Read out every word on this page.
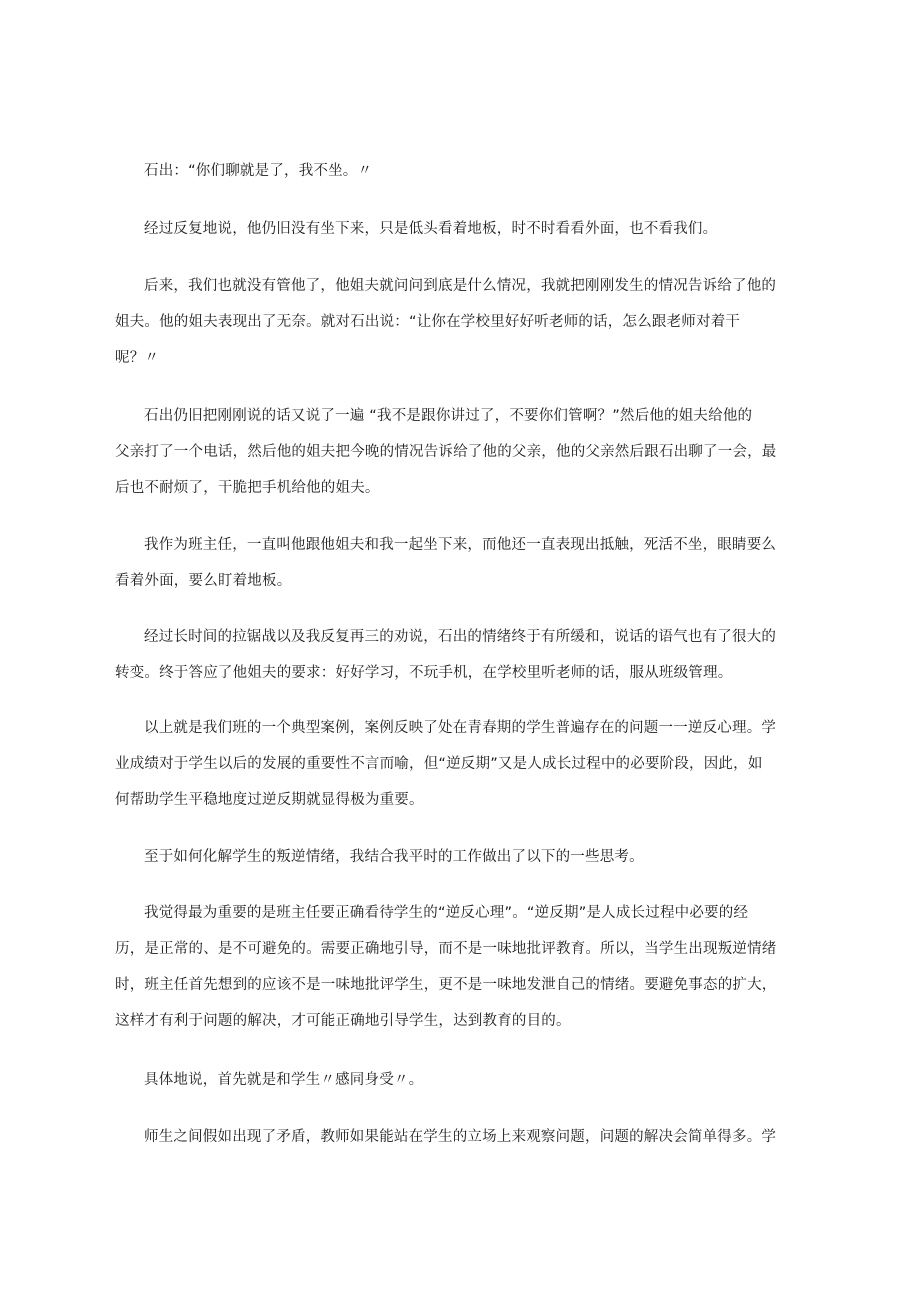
石出：“你们聊就是了，我不坐。〃
经过反复地说，他仍旧没有坐下来，只是低头看着地板，时不时看看外面，也不看我们。
后来，我们也就没有管他了，他姐夫就问问到底是什么情况，我就把刚刚发生的情况告诉给了他的
姐夫。他的姐夫表现出了无奈。就对石出说：“让你在学校里好好听老师的话，怎么跟老师对着干
呢？〃
石出仍旧把刚刚说的话又说了一遍 “我不是跟你讲过了，不要你们管啊？”然后他的姐夫给他的
父亲打了一个电话，然后他的姐夫把今晚的情况告诉给了他的父亲，他的父亲然后跟石出聊了一会，最
后也不耐烦了，干脆把手机给他的姐夫。
我作为班主任，一直叫他跟他姐夫和我一起坐下来，而他还一直表现出抵触，死活不坐，眼睛要么
看着外面，要么盯着地板。
经过长时间的拉锯战以及我反复再三的劝说，石出的情绪终于有所缓和，说话的语气也有了很大的
转变。终于答应了他姐夫的要求：好好学习，不玩手机，在学校里听老师的话，服从班级管理。
以上就是我们班的一个典型案例，案例反映了处在青春期的学生普遍存在的问题一一逆反心理。学
业成绩对于学生以后的发展的重要性不言而喻，但“逆反期”又是人成长过程中的必要阶段，因此，如
何帮助学生平稳地度过逆反期就显得极为重要。
至于如何化解学生的叛逆情绪，我结合我平时的工作做出了以下的一些思考。
我觉得最为重要的是班主任要正确看待学生的“逆反心理”。“逆反期”是人成长过程中必要的经
历，是正常的、是不可避免的。需要正确地引导，而不是一味地批评教育。所以，当学生出现叛逆情绪
时，班主任首先想到的应该不是一味地批评学生，更不是一味地发泄自己的情绪。要避免事态的扩大，
这样才有利于问题的解决，才可能正确地引导学生，达到教育的目的。
具体地说，首先就是和学生〃感同身受〃。
师生之间假如出现了矛盾，教师如果能站在学生的立场上来观察问题，问题的解决会简单得多。学
